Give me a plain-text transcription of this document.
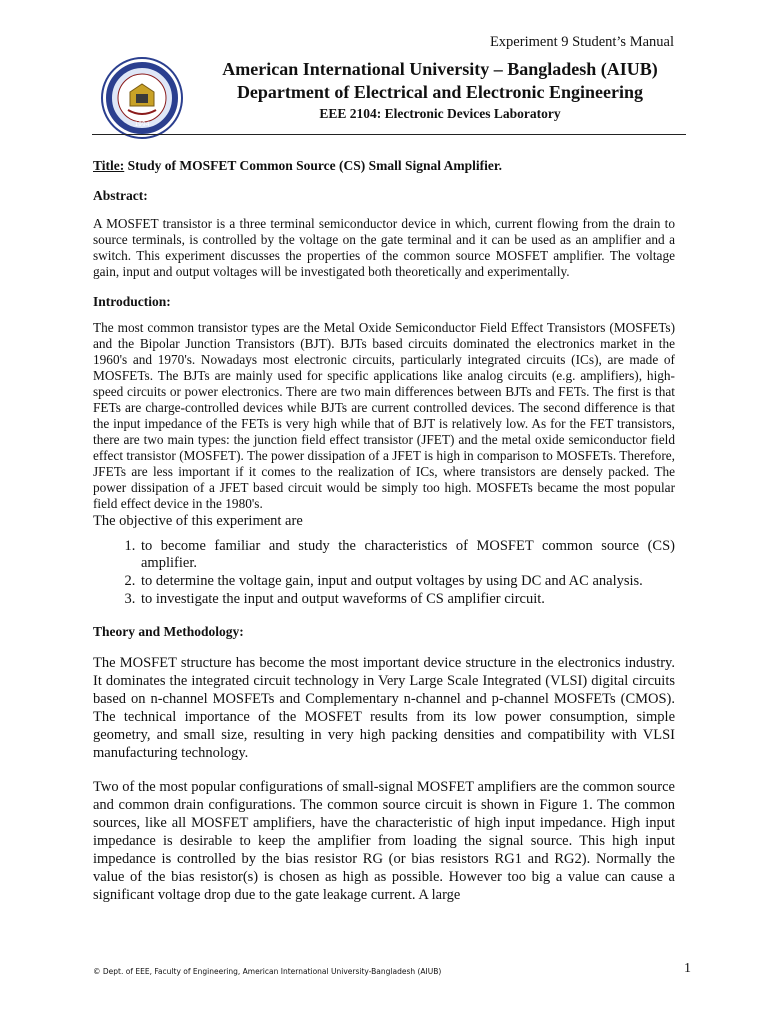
Experiment 9 Student’s Manual
1994
American International University – Bangladesh (AIUB)
Department of Electrical and Electronic Engineering
EEE 2104: Electronic Devices Laboratory
Title: Study of MOSFET Common Source (CS) Small Signal Amplifier.
Abstract:

A MOSFET transistor is a three terminal semiconductor device in which, current flowing from the drain to source terminals, is controlled by the voltage on the gate terminal and it can be used as an amplifier and a switch. This experiment discusses the properties of the common source MOSFET amplifier. The voltage gain, input and output voltages will be investigated both theoretically and experimentally.

Introduction:

The most common transistor types are the Metal Oxide Semiconductor Field Effect Transistors (MOSFETs) and the Bipolar Junction Transistors (BJT). BJTs based circuits dominated the electronics market in the 1960's and 1970's. Nowadays most electronic circuits, particularly integrated circuits (ICs), are made of MOSFETs. The BJTs are mainly used for specific applications like analog circuits (e.g. amplifiers), high-speed circuits or power electronics. There are two main differences between BJTs and FETs. The first is that FETs are charge-controlled devices while BJTs are current controlled devices. The second difference is that the input impedance of the FETs is very high while that of BJT is relatively low. As for the FET transistors, there are two main types: the junction field effect transistor (JFET) and the metal oxide semiconductor field effect transistor (MOSFET). The power dissipation of a JFET is high in comparison to MOSFETs. Therefore, JFETs are less important if it comes to the realization of ICs, where transistors are densely packed. The power dissipation of a JFET based circuit would be simply too high. MOSFETs became the most popular field effect device in the 1980's.

The objective of this experiment are
1. to become familiar and study the characteristics of MOSFET common source (CS) amplifier.
2. to determine the voltage gain, input and output voltages by using DC and AC analysis.
3. to investigate the input and output waveforms of CS amplifier circuit.
Theory and Methodology:

The MOSFET structure has become the most important device structure in the electronics industry. It dominates the integrated circuit technology in Very Large Scale Integrated (VLSI) digital circuits based on n-channel MOSFETs and Complementary n-channel and p-channel MOSFETs (CMOS). The technical importance of the MOSFET results from its low power consumption, simple geometry, and small size, resulting in very high packing densities and compatibility with VLSI manufacturing technology.

Two of the most popular configurations of small-signal MOSFET amplifiers are the common source and common drain configurations. The common source circuit is shown in Figure 1. The common sources, like all MOSFET amplifiers, have the characteristic of high input impedance. High input impedance is desirable to keep the amplifier from loading the signal source. This high input impedance is controlled by the bias resistor RG (or bias resistors RG1 and RG2). Normally the value of the bias resistor(s) is chosen as high as possible. However too big a value can cause a significant voltage drop due to the gate leakage current. A large

© Dept. of EEE, Faculty of Engineering, American International University-Bangladesh (AIUB)	1
